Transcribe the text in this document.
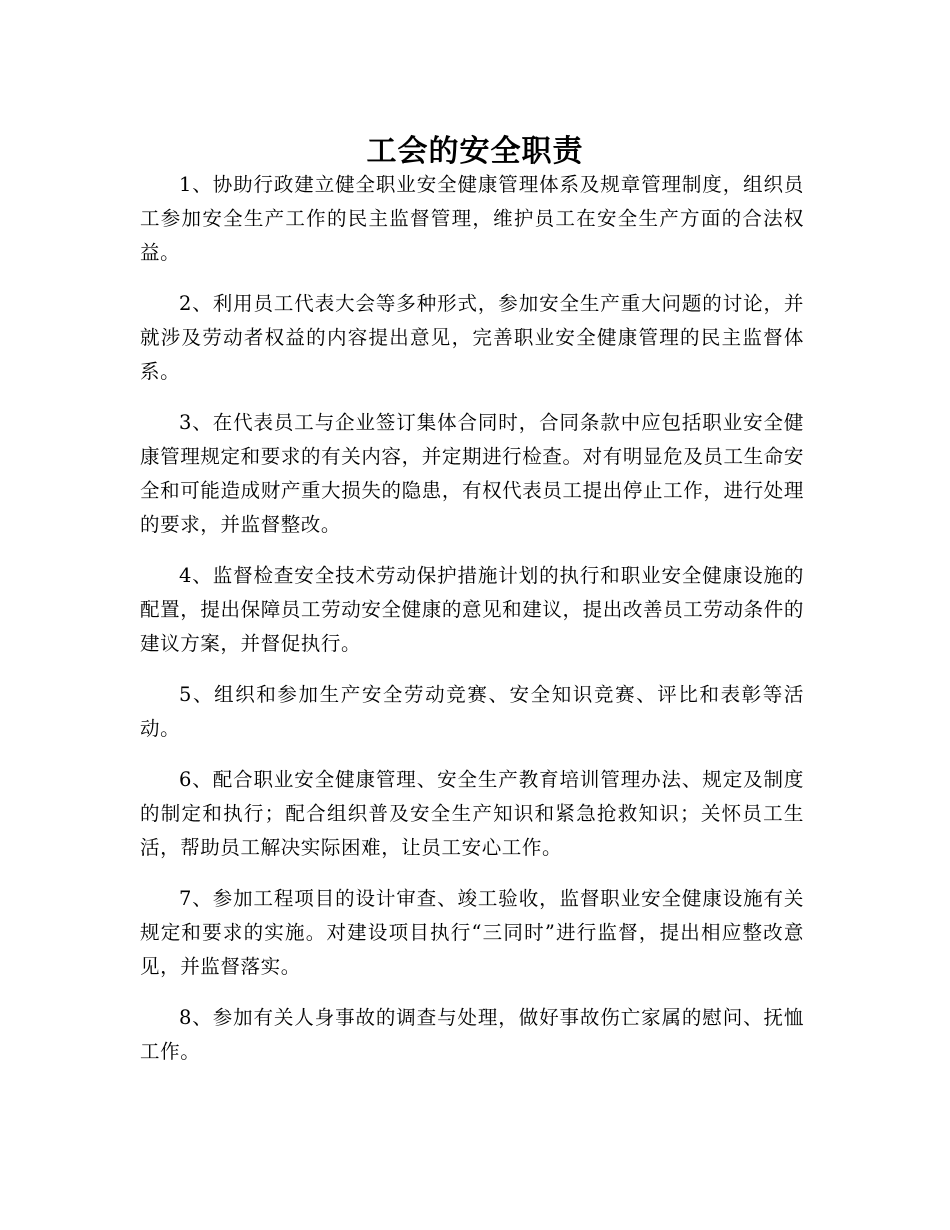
工会的安全职责

1、协助行政建立健全职业安全健康管理体系及规章管理制度，组织员工参加安全生产工作的民主监督管理，维护员工在安全生产方面的合法权益。

2、利用员工代表大会等多种形式，参加安全生产重大问题的讨论，并就涉及劳动者权益的内容提出意见，完善职业安全健康管理的民主监督体系。

3、在代表员工与企业签订集体合同时，合同条款中应包括职业安全健康管理规定和要求的有关内容，并定期进行检查。对有明显危及员工生命安全和可能造成财产重大损失的隐患，有权代表员工提出停止工作，进行处理的要求，并监督整改。

4、监督检查安全技术劳动保护措施计划的执行和职业安全健康设施的配置，提出保障员工劳动安全健康的意见和建议，提出改善员工劳动条件的建议方案，并督促执行。

5、组织和参加生产安全劳动竞赛、安全知识竞赛、评比和表彰等活动。

6、配合职业安全健康管理、安全生产教育培训管理办法、规定及制度的制定和执行；配合组织普及安全生产知识和紧急抢救知识；关怀员工生活，帮助员工解决实际困难，让员工安心工作。

7、参加工程项目的设计审查、竣工验收，监督职业安全健康设施有关规定和要求的实施。对建设项目执行“三同时”进行监督，提出相应整改意见，并监督落实。

8、参加有关人身事故的调查与处理，做好事故伤亡家属的慰问、抚恤工作。
